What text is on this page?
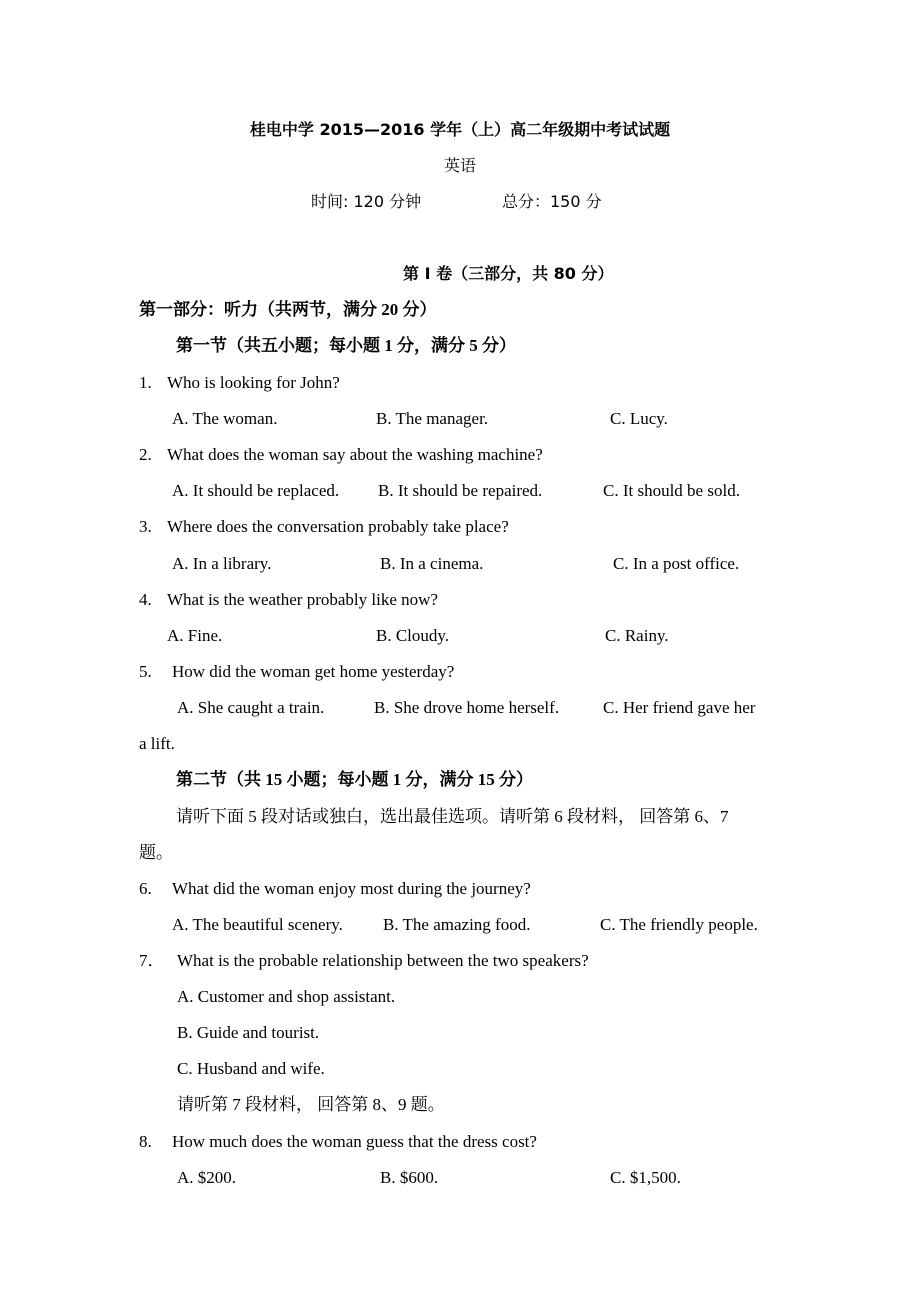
桂电中学 2015—2016 学年（上）高二年级期中考试试题
英语
时间: 120 分钟	总分：150 分
第 I 卷（三部分，共 80 分）
第一部分：听力（共两节，满分 20 分）
第一节（共五小题；每小题 1 分，满分 5 分）
1. Who is looking for John?
A. The woman.	B. The manager.	C. Lucy.
2. What does the woman say about the washing machine?
A. It should be replaced. B. It should be repaired.	C. It should be sold.
3. Where does the conversation probably take place?
A. In a library.	B. In a cinema.	C. In a post office.
4. What is the weather probably like now?
A. Fine.	B. Cloudy.	C. Rainy.
5. How did the woman get home yesterday?
A. She caught a train.	B. She drove home herself.	C. Her friend gave her
a lift.
第二节（共 15 小题；每小题 1 分，满分 15 分）
请听下面 5 段对话或独白，选出最佳选项。请听第 6 段材料， 回答第 6、7
题。
6. What did the woman enjoy most during the journey?
A. The beautiful scenery. B. The amazing food.	C. The friendly people.
7． What is the probable relationship between the two speakers?
A. Customer and shop assistant.
B. Guide and tourist.
C. Husband and wife.
请听第 7 段材料， 回答第 8、9 题。
8. How much does the woman guess that the dress cost?
A. $200.	B. $600.	C. $1,500.
